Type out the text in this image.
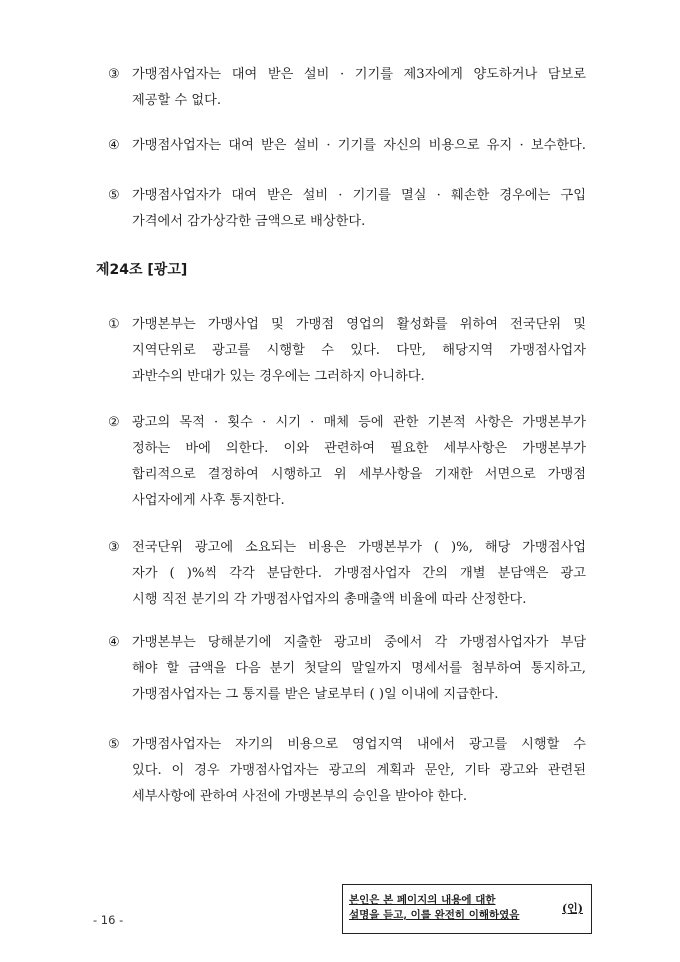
③ 가맹점사업자는 대여 받은 설비 · 기기를 제3자에게 양도하거나 담보로
제공할 수 없다.
④ 가맹점사업자는 대여 받은 설비 · 기기를 자신의 비용으로 유지 · 보수한다.
⑤ 가맹점사업자가 대여 받은 설비 · 기기를 멸실 · 훼손한 경우에는 구입
가격에서 감가상각한 금액으로 배상한다.
제24조 [광고]
① 가맹본부는 가맹사업 및 가맹점 영업의 활성화를 위하여 전국단위 및
지역단위로 광고를 시행할 수 있다. 다만, 해당지역 가맹점사업자
과반수의 반대가 있는 경우에는 그러하지 아니하다.
② 광고의 목적 · 횟수 · 시기 · 매체 등에 관한 기본적 사항은 가맹본부가
정하는 바에 의한다. 이와 관련하여 필요한 세부사항은 가맹본부가
합리적으로 결정하여 시행하고 위 세부사항을 기재한 서면으로 가맹점
사업자에게 사후 통지한다.
③ 전국단위 광고에 소요되는 비용은 가맹본부가 ( )%, 해당 가맹점사업
자가 ( )%씩 각각 분담한다. 가맹점사업자 간의 개별 분담액은 광고
시행 직전 분기의 각 가맹점사업자의 총매출액 비율에 따라 산정한다.
④ 가맹본부는 당해분기에 지출한 광고비 중에서 각 가맹점사업자가 부담
해야 할 금액을 다음 분기 첫달의 말일까지 명세서를 첨부하여 통지하고,
가맹점사업자는 그 통지를 받은 날로부터 ( )일 이내에 지급한다.
⑤ 가맹점사업자는 자기의 비용으로 영업지역 내에서 광고를 시행할 수
있다. 이 경우 가맹점사업자는 광고의 계획과 문안, 기타 광고와 관련된
세부사항에 관하여 사전에 가맹본부의 승인을 받아야 한다.
- 16 -
본인은 본 페이지의 내용에 대한
설명을 듣고, 이를 완전히 이해하였음	(인)
